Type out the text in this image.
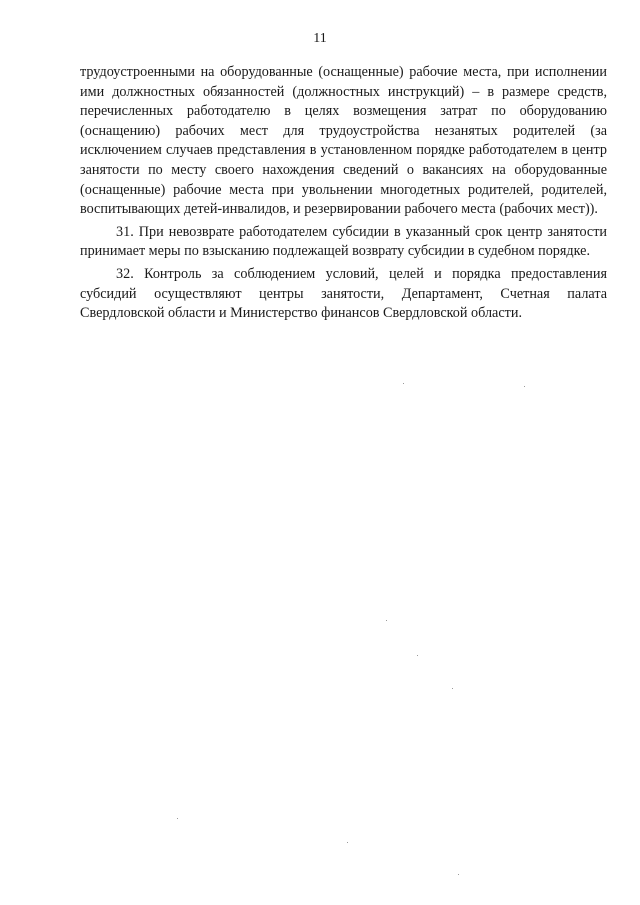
11

трудоустроенными на оборудованные (оснащенные) рабочие места, при исполнении ими должностных обязанностей (должностных инструкций) – в размере средств, перечисленных работодателю в целях возмещения затрат по оборудованию (оснащению) рабочих мест для трудоустройства незанятых родителей (за исключением случаев представления в установленном порядке работодателем в центр занятости по месту своего нахождения сведений о вакансиях на оборудованные (оснащенные) рабочие места при увольнении многодетных родителей, родителей, воспитывающих детей-инвалидов, и резервировании рабочего места (рабочих мест)).

31. При невозврате работодателем субсидии в указанный срок центр занятости принимает меры по взысканию подлежащей возврату субсидии в судебном порядке.

32. Контроль за соблюдением условий, целей и порядка предоставления субсидий осуществляют центры занятости, Департамент, Счетная палата Свердловской области и Министерство финансов Свердловской области.
